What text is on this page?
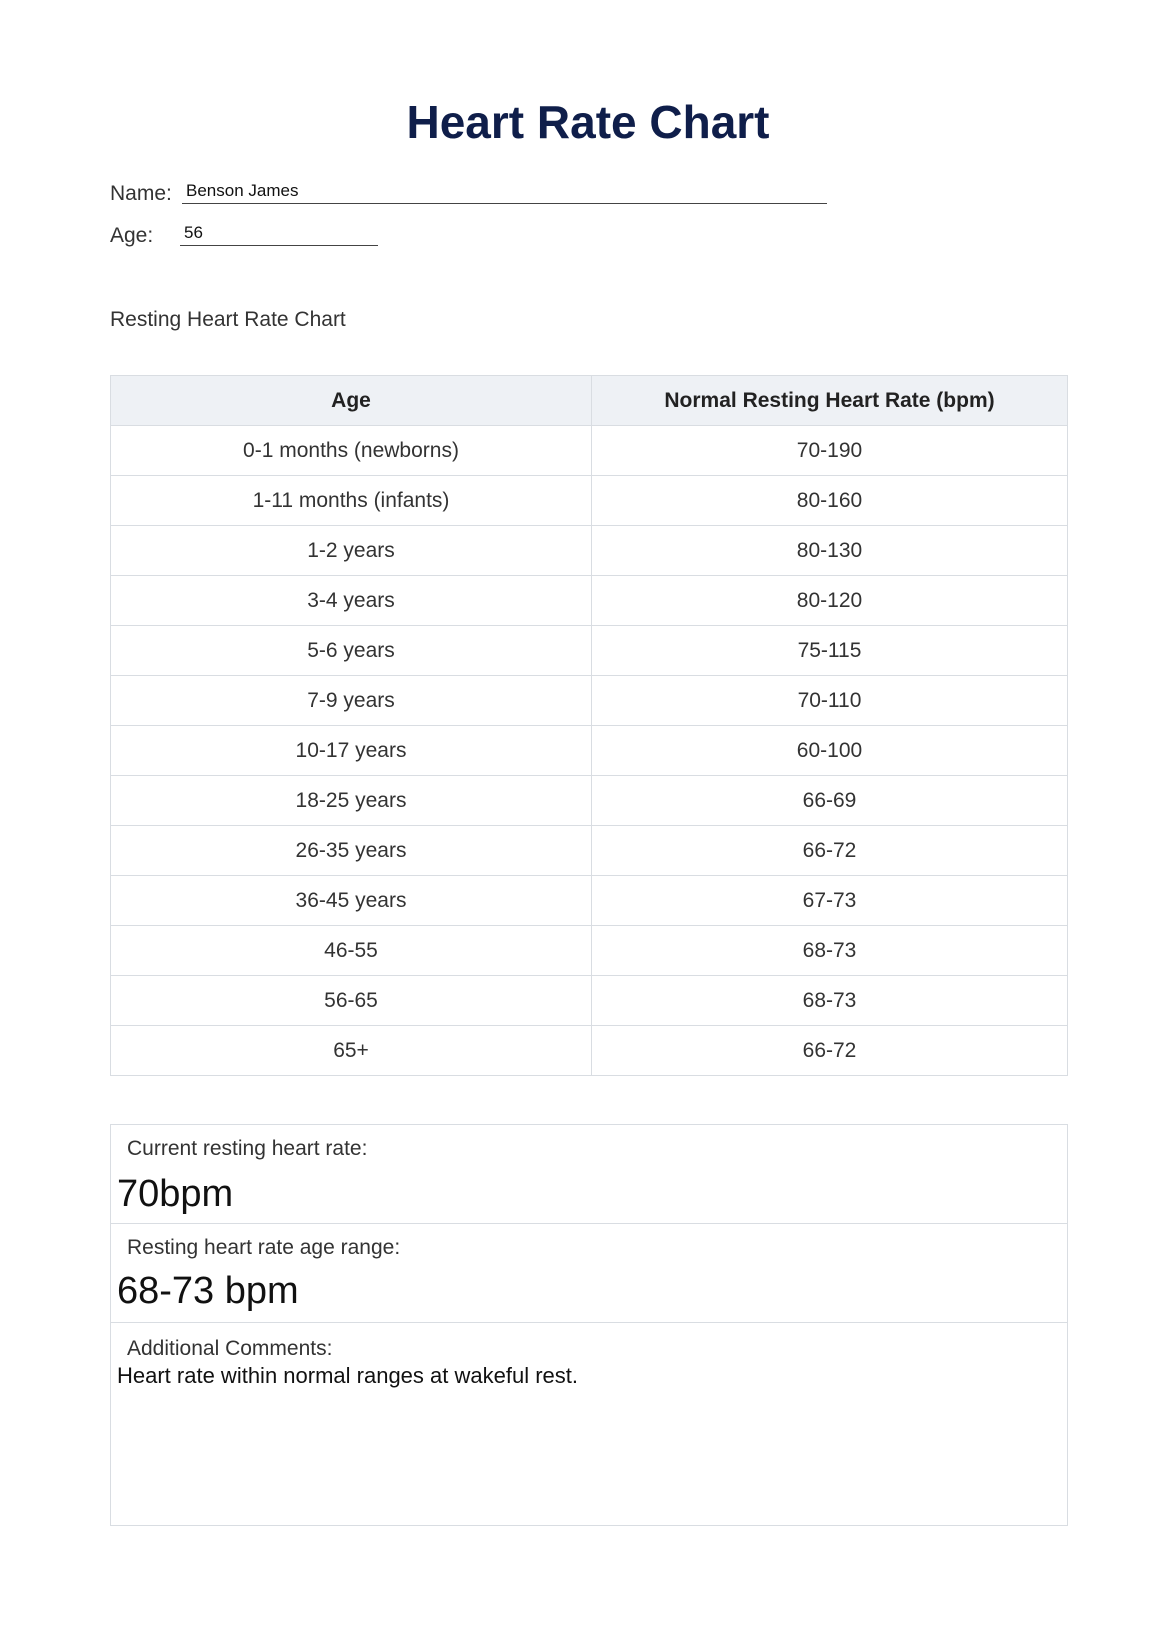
Heart Rate Chart
Name: Benson James
Age: 56
Resting Heart Rate Chart
Age	Normal Resting Heart Rate (bpm)
0-1 months (newborns)	70-190
1-11 months (infants)	80-160
1-2 years	80-130
3-4 years	80-120
5-6 years	75-115
7-9 years	70-110
10-17 years	60-100
18-25 years	66-69
26-35 years	66-72
36-45 years	67-73
46-55	68-73
56-65	68-73
65+	66-72
Current resting heart rate:
70bpm
Resting heart rate age range:
68-73 bpm
Additional Comments:
Heart rate within normal ranges at wakeful rest.
